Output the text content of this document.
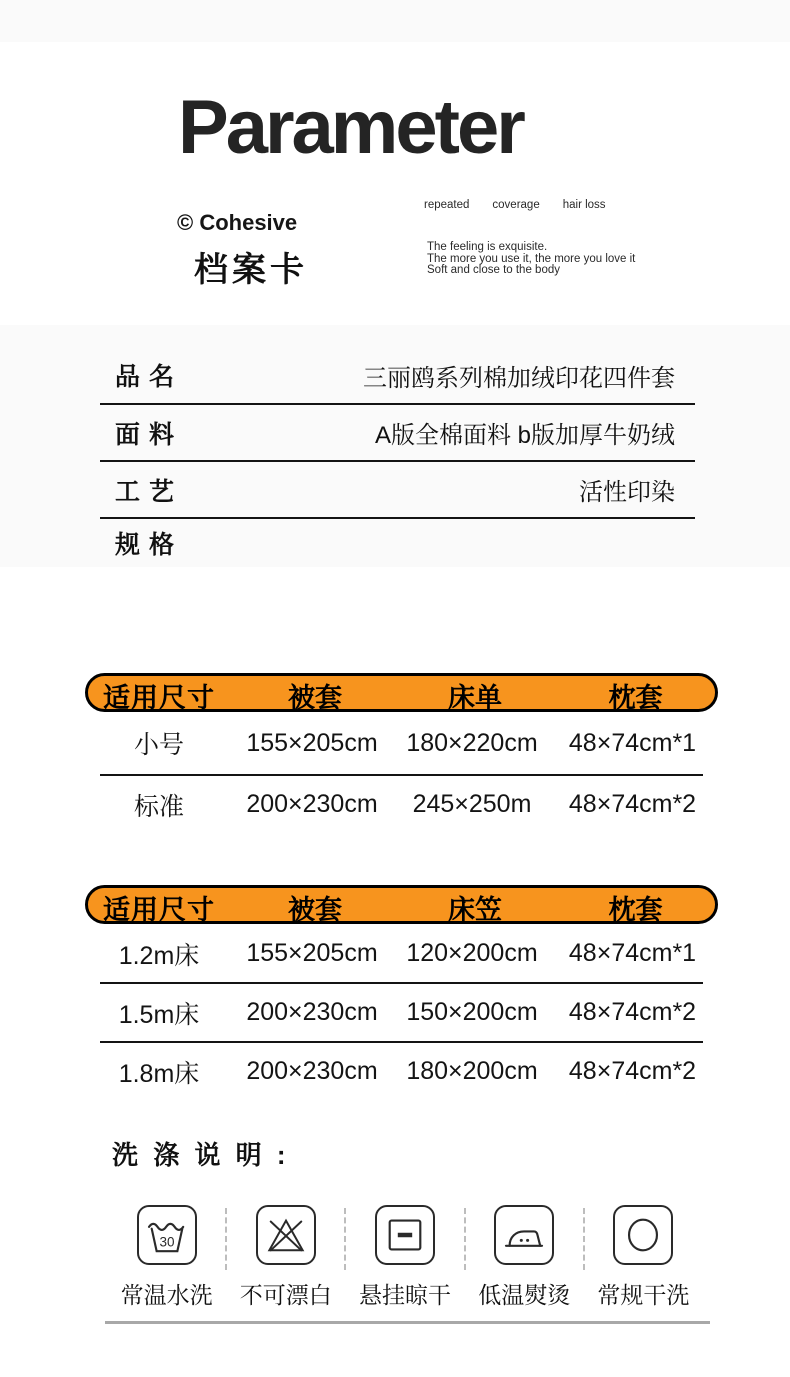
Parameter
© Cohesive
档案卡
repeated coverage hair loss
The feeling is exquisite.
The more you use it, the more you love it
Soft and close to the body
品 名	三丽鸥系列棉加绒印花四件套
面 料	A版全棉面料 b版加厚牛奶绒
工 艺	活性印染
规 格
适用尺寸	被套	床单	枕套
小号	155×205cm	180×220cm	48×74cm*1
标准	200×230cm	245×250m	48×74cm*2
适用尺寸	被套	床笠	枕套
1.2m床	155×205cm	120×200cm	48×74cm*1
1.5m床	200×230cm	150×200cm	48×74cm*2
1.8m床	200×230cm	180×200cm	48×74cm*2
洗 涤 说 明 :
30
常温水洗 不可漂白 悬挂晾干 低温熨烫 常规干洗
